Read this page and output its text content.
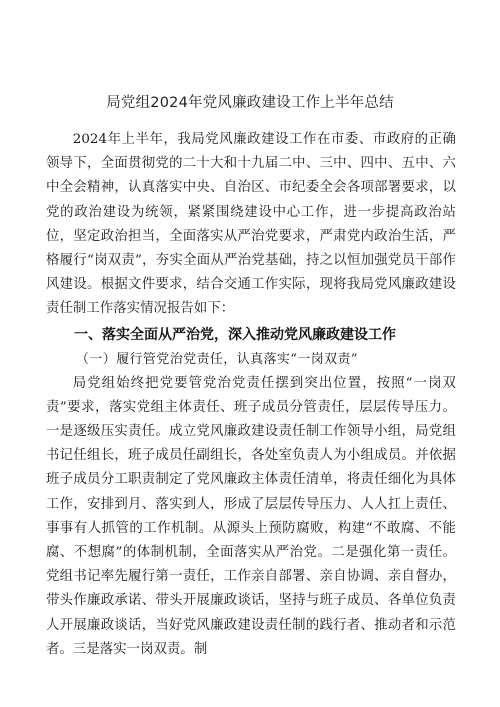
局党组2024年党风廉政建设工作上半年总结

2024年上半年，我局党风廉政建设工作在市委、市政府的正确领导下，全面贯彻党的二十大和十九届二中、三中、四中、五中、六中全会精神，认真落实中央、自治区、市纪委全会各项部署要求，以党的政治建设为统领，紧紧围绕建设中心工作，进一步提高政治站位，坚定政治担当，全面落实从严治党要求，严肃党内政治生活，严格履行“岗双责”，夯实全面从严治党基础，持之以恒加强党员干部作风建设。根据文件要求，结合交通工作实际，现将我局党风廉政建设责任制工作落实情况报告如下：

一、落实全面从严治党，深入推动党风廉政建设工作

（一）履行管党治党责任，认真落实“一岗双责”

局党组始终把党要管党治党责任摆到突出位置，按照“一岗双责”要求，落实党组主体责任、班子成员分管责任，层层传导压力。一是逐级压实责任。成立党风廉政建设责任制工作领导小组，局党组书记任组长，班子成员任副组长，各处室负责人为小组成员。并依据班子成员分工职责制定了党风廉政主体责任清单，将责任细化为具体工作，安排到月、落实到人，形成了层层传导压力、人人扛上责任、事事有人抓管的工作机制。从源头上预防腐败，构建“不敢腐、不能腐、不想腐”的体制机制，全面落实从严治党。二是强化第一责任。党组书记率先履行第一责任，工作亲自部署、亲自协调、亲自督办，带头作廉政承诺、带头开展廉政谈话，坚持与班子成员、各单位负责人开展廉政谈话，当好党风廉政建设责任制的践行者、推动者和示范者。三是落实一岗双责。制
